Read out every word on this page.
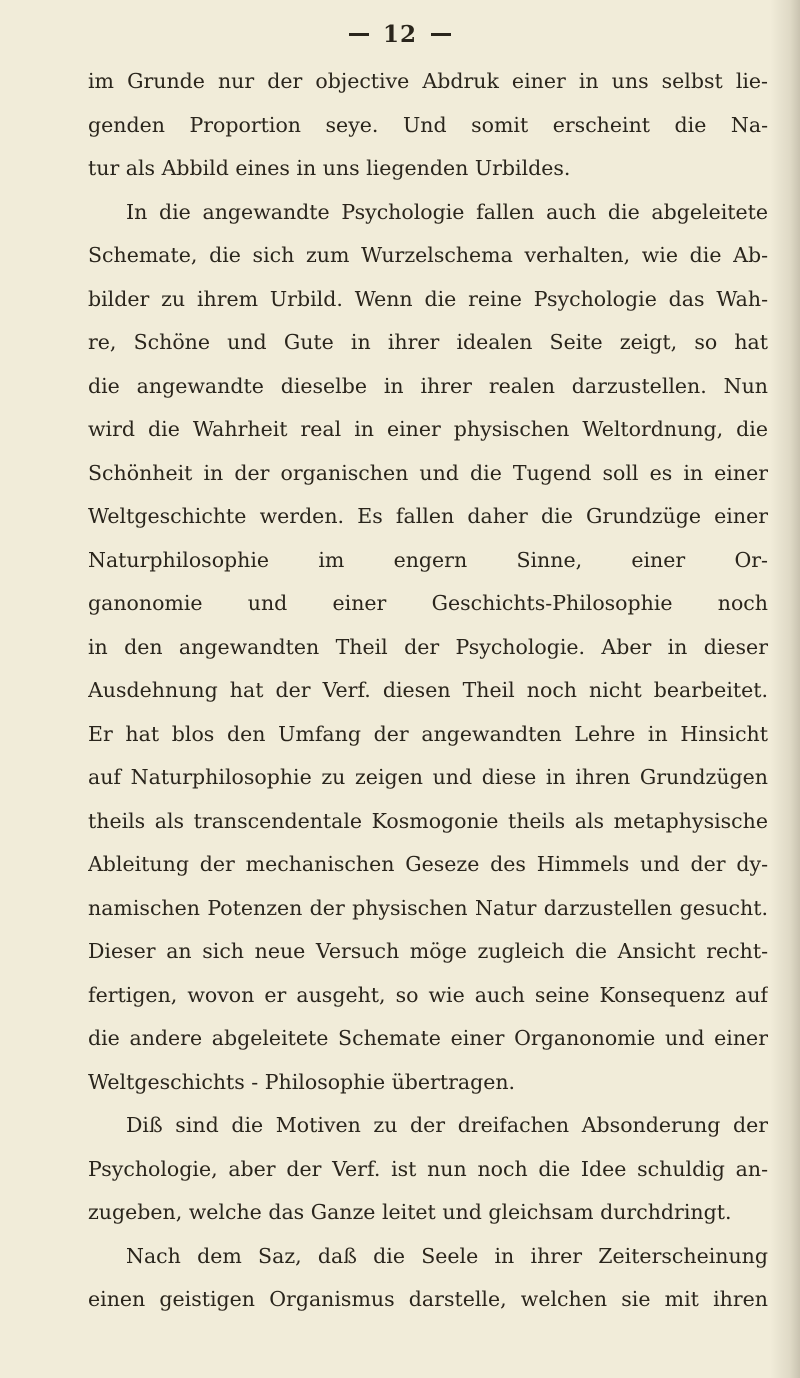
12
im Grunde nur der objective Abdruk einer in uns selbst lie-
genden Proportion seye. Und somit erscheint die Na-
tur als Abbild eines in uns liegenden Urbildes.
In die angewandte Psychologie fallen auch die abgeleitete
Schemate, die sich zum Wurzelschema verhalten, wie die Ab-
bilder zu ihrem Urbild. Wenn die reine Psychologie das Wah-
re, Schöne und Gute in ihrer idealen Seite zeigt, so hat
die angewandte dieselbe in ihrer realen darzustellen. Nun
wird die Wahrheit real in einer physischen Weltordnung, die
Schönheit in der organischen und die Tugend soll es in einer
Weltgeschichte werden. Es fallen daher die Grundzüge einer
Naturphilosophie im engern Sinne, einer Or-
ganonomie und einer Geschichts-Philosophie noch
in den angewandten Theil der Psychologie. Aber in dieser
Ausdehnung hat der Verf. diesen Theil noch nicht bearbeitet.
Er hat blos den Umfang der angewandten Lehre in Hinsicht
auf Naturphilosophie zu zeigen und diese in ihren Grundzügen
theils als transcendentale Kosmogonie theils als metaphysische
Ableitung der mechanischen Geseze des Himmels und der dy-
namischen Potenzen der physischen Natur darzustellen gesucht.
Dieser an sich neue Versuch möge zugleich die Ansicht recht-
fertigen, wovon er ausgeht, so wie auch seine Konsequenz auf
die andere abgeleitete Schemate einer Organonomie und einer
Weltgeschichts - Philosophie übertragen.
Diß sind die Motiven zu der dreifachen Absonderung der
Psychologie, aber der Verf. ist nun noch die Idee schuldig an-
zugeben, welche das Ganze leitet und gleichsam durchdringt.
Nach dem Saz, daß die Seele in ihrer Zeiterscheinung
einen geistigen Organismus darstelle, welchen sie mit ihren
